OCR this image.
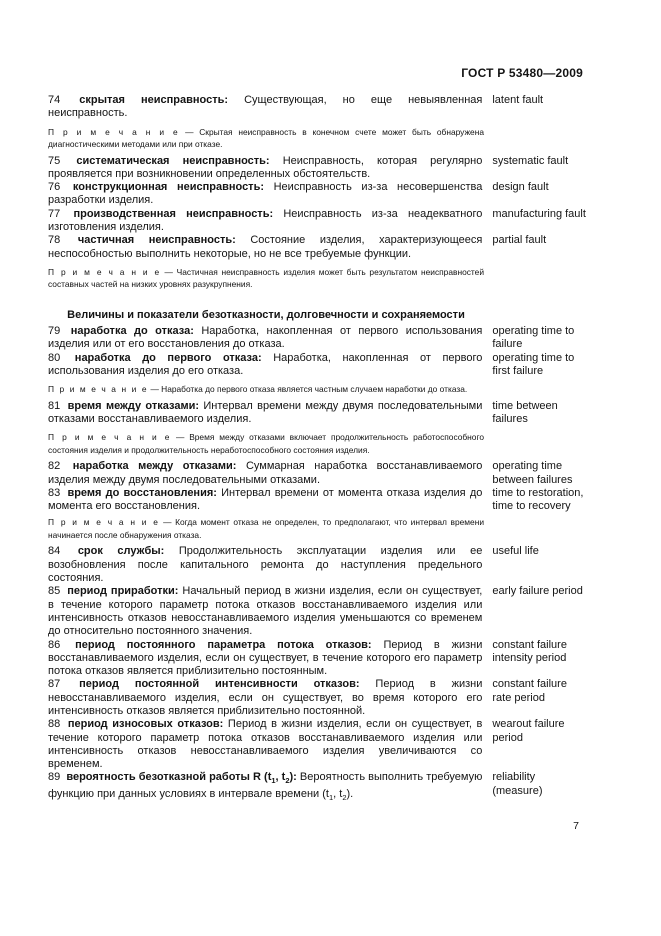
ГОСТ Р 53480—2009
74 скрытая неисправность: Существующая, но еще невыявленная неисправность.
latent fault
П р и м е ч а н и е — Скрытая неисправность в конечном счете может быть обнаружена диагностическими методами или при отказе.
75 систематическая неисправность: Неисправность, которая регулярно проявляется при возникновении определенных обстоятельств.
systematic fault
76 конструкционная неисправность: Неисправность из-за несовершенства разработки изделия.
design fault
77 производственная неисправность: Неисправность из-за неадекватного изготовления изделия.
manufacturing fault
78 частичная неисправность: Состояние изделия, характеризующееся неспособностью выполнить некоторые, но не все требуемые функции.
partial fault
П р и м е ч а н и е — Частичная неисправность изделия может быть результатом неисправностей составных частей на низких уровнях разукрупнения.
Величины и показатели безотказности, долговечности и сохраняемости
79 наработка до отказа: Наработка, накопленная от первого использования изделия или от его восстановления до отказа.
operating time to failure
80 наработка до первого отказа: Наработка, накопленная от первого использования изделия до его отказа.
operating time to first failure
П р и м е ч а н и е — Наработка до первого отказа является частным случаем наработки до отказа.
81 время между отказами: Интервал времени между двумя последовательными отказами восстанавливаемого изделия.
time between failures
П р и м е ч а н и е — Время между отказами включает продолжительность работоспособного состояния изделия и продолжительность неработоспособного состояния изделия.
82 наработка между отказами: Суммарная наработка восстанавливаемого изделия между двумя последовательными отказами.
operating time between failures
83 время до восстановления: Интервал времени от момента отказа изделия до момента его восстановления.
time to restoration, time to recovery
П р и м е ч а н и е — Когда момент отказа не определен, то предполагают, что интервал времени начинается после обнаружения отказа.
84 срок службы: Продолжительность эксплуатации изделия или ее возобновления после капитального ремонта до наступления предельного состояния.
useful life
85 период приработки: Начальный период в жизни изделия, если он существует, в течение которого параметр потока отказов восстанавливаемого изделия или интенсивность отказов невосстанавливаемого изделия уменьшаются со временем до относительно постоянного значения.
early failure period
86 период постоянного параметра потока отказов: Период в жизни восстанавливаемого изделия, если он существует, в течение которого его параметр потока отказов является приблизительно постоянным.
constant failure intensity period
87 период постоянной интенсивности отказов: Период в жизни невосстанавливаемого изделия, если он существует, во время которого его интенсивность отказов является приблизительно постоянной.
constant failure rate period
88 период износовых отказов: Период в жизни изделия, если он существует, в течение которого параметр потока отказов восстанавливаемого изделия или интенсивность отказов невосстанавливаемого изделия увеличиваются со временем.
wearout failure period
89 вероятность безотказной работы R ($t_1$, $t_2$): Вероятность выполнить требуемую функцию при данных условиях в интервале времени ($t_1$, $t_2$).
reliability (measure)
7
